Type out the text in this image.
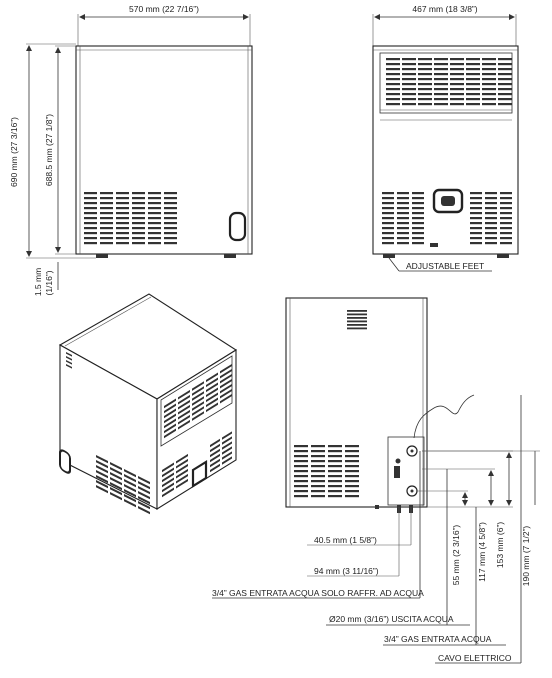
570 mm (22 7/16”)
690 mm (27 3/16”)	688.5 mm (27 1/8”)
1.5 mm (1/16”)
467 mm (18 3/8”)
ADJUSTABLE FEET
40.5 mm (1 5/8”)
94 mm (3 11/16”)	55 mm (2 3/16”) 117 mm (4 5/8”) 153 mm (6”) 190 mm (7 1/2”)
3/4” GAS ENTRATA ACQUA SOLO RAFFR. AD ACQUA
Ø20 mm (3/16”) USCITA ACQUA
3/4” GAS ENTRATA ACQUA
CAVO ELETTRICO
